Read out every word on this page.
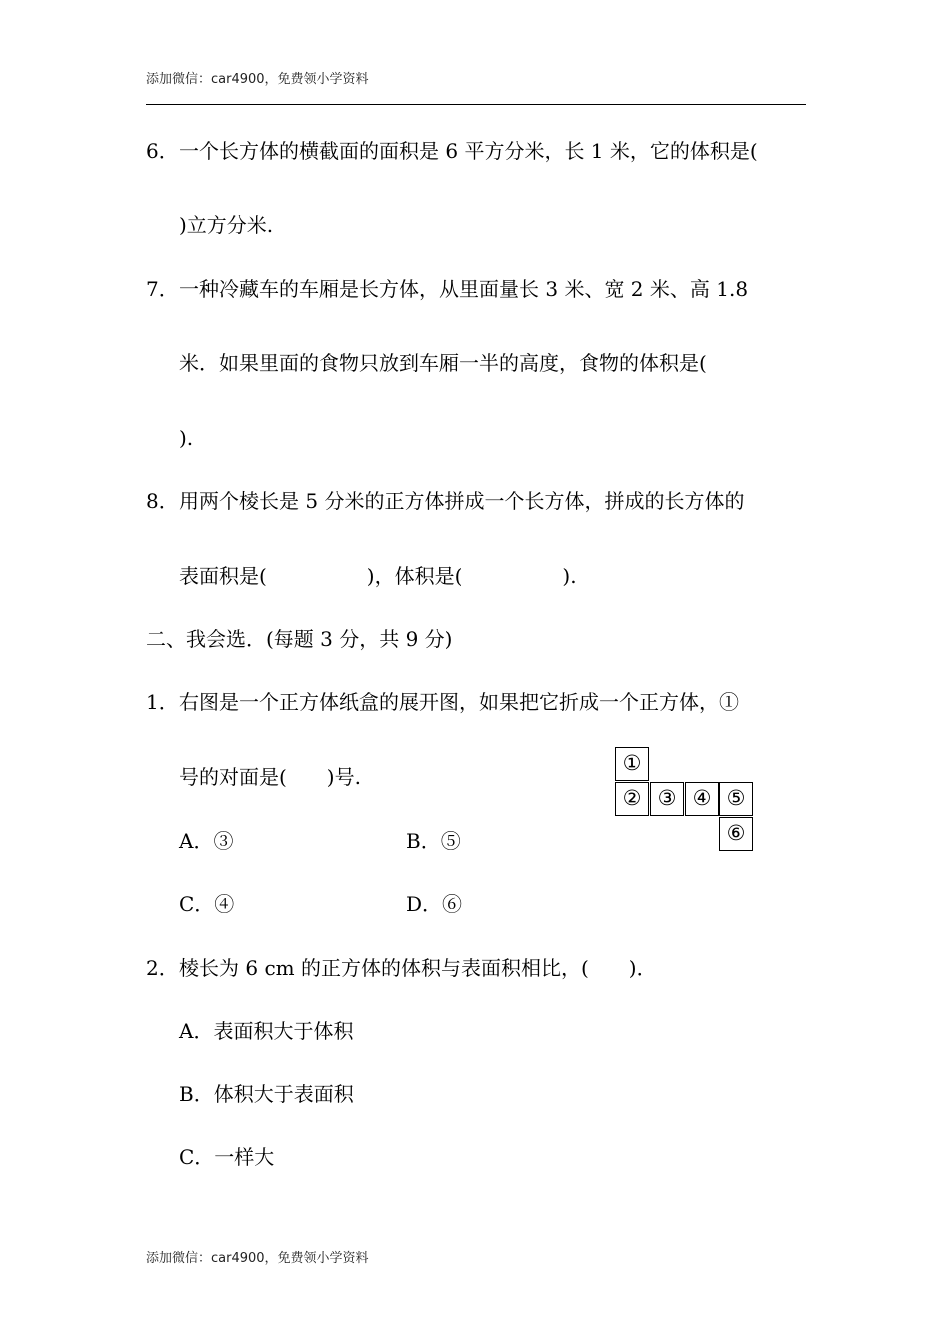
添加微信：car4900，免费领小学资料
6． 一个长方体的横截面的面积是 6 平方分米，长 1 米，它的体积是(
)立方分米.
7． 一种冷藏车的车厢是长方体，从里面量长 3 米、宽 2 米、高 1.8
米．如果里面的食物只放到车厢一半的高度，食物的体积是(
).
8． 用两个棱长是 5 分米的正方体拼成一个长方体，拼成的长方体的
表面积是(　　　　　)，体积是(　　　　　).
二、我会选．(每题 3 分，共 9 分)
1． 右图是一个正方体纸盒的展开图，如果把它折成一个正方体，①
号的对面是(　　)号.
①
② ③ ④ ⑤
⑥
A．③	B．⑤
C．④	D．⑥
2． 棱长为 6 cm 的正方体的体积与表面积相比，(　　)．
A．表面积大于体积
B．体积大于表面积
C．一样大
添加微信：car4900，免费领小学资料
